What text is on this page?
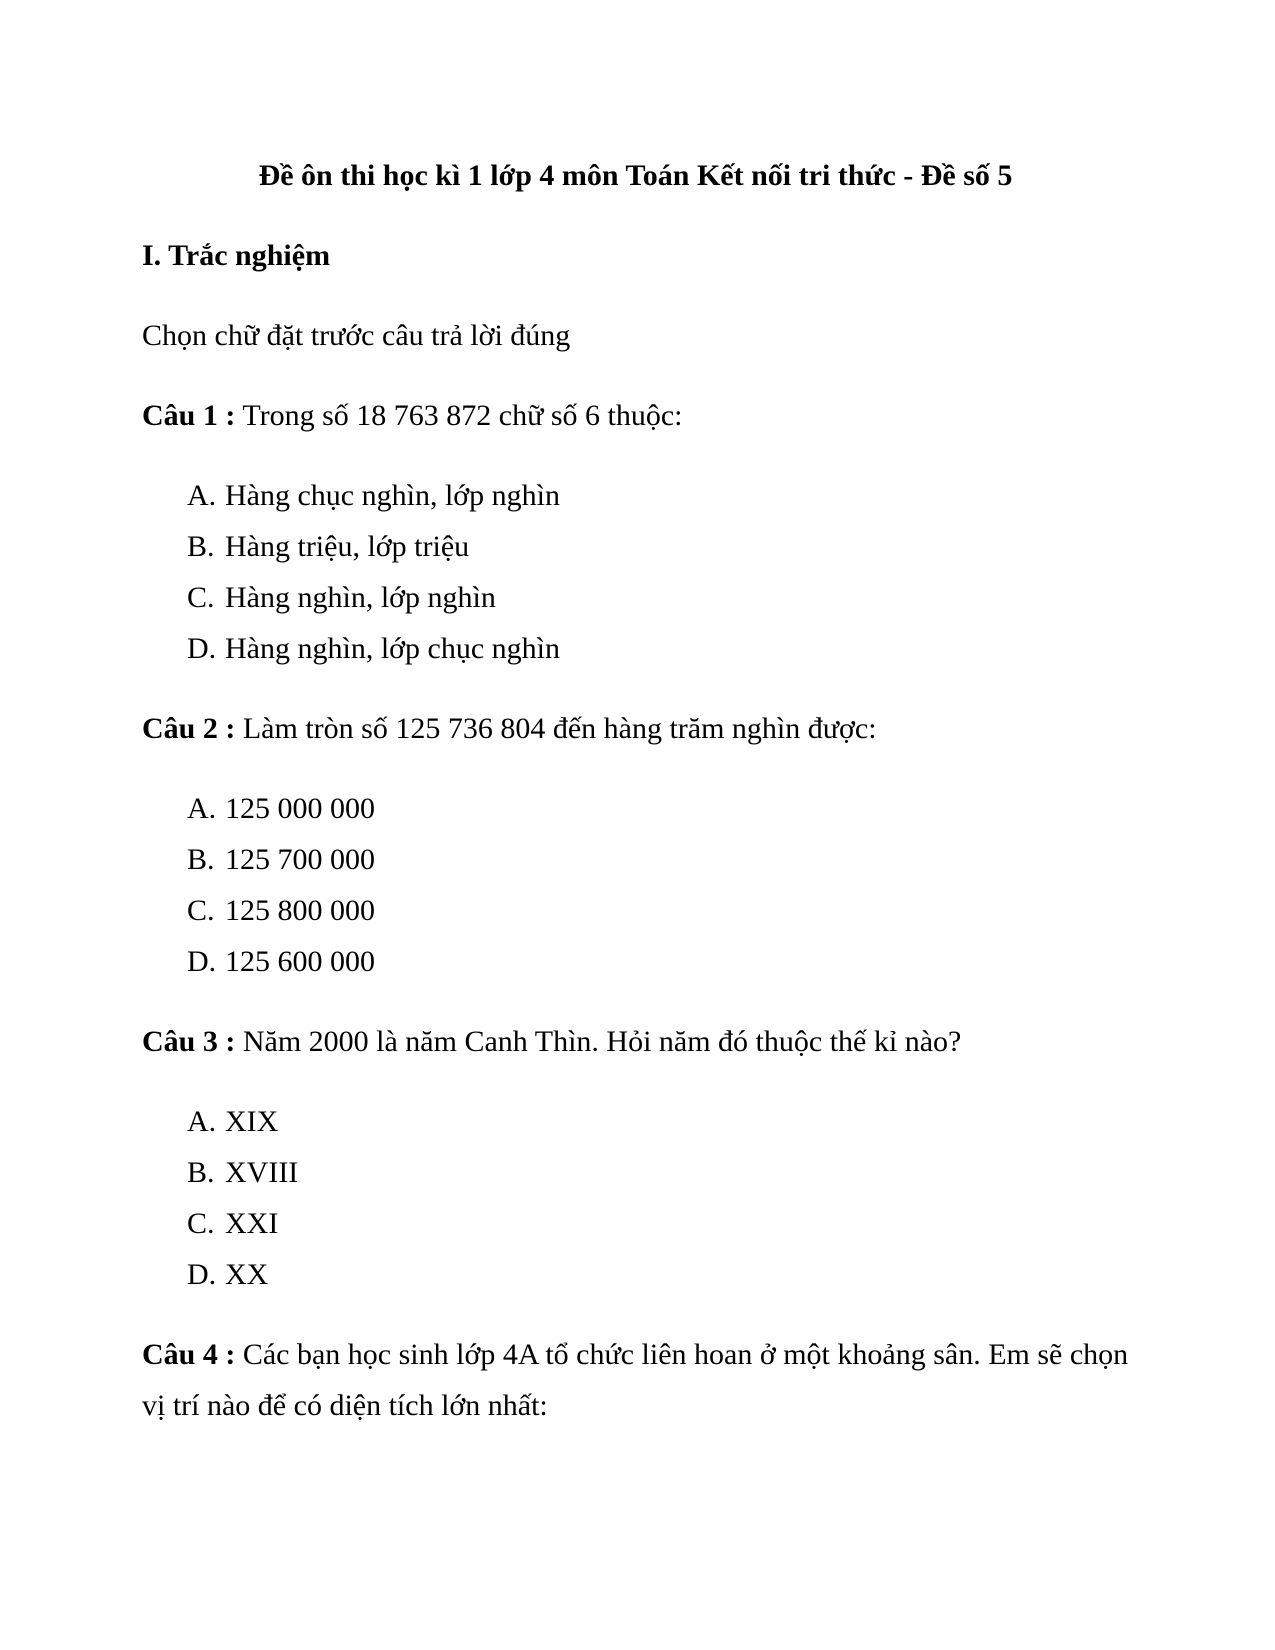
Đề ôn thi học kì 1 lớp 4 môn Toán Kết nối tri thức - Đề số 5
I. Trắc nghiệm

Chọn chữ đặt trước câu trả lời đúng

Câu 1 : Trong số 18 763 872 chữ số 6 thuộc:

A. Hàng chục nghìn, lớp nghìn
B. Hàng triệu, lớp triệu
C. Hàng nghìn, lớp nghìn
D. Hàng nghìn, lớp chục nghìn

Câu 2 : Làm tròn số 125 736 804 đến hàng trăm nghìn được:

A. 125 000 000
B. 125 700 000
C. 125 800 000
D. 125 600 000

Câu 3 : Năm 2000 là năm Canh Thìn. Hỏi năm đó thuộc thế kỉ nào?

A. XIX
B. XVIII
C. XXI
D. XX

Câu 4 : Các bạn học sinh lớp 4A tổ chức liên hoan ở một khoảng sân. Em sẽ chọn vị trí nào để có diện tích lớn nhất:
